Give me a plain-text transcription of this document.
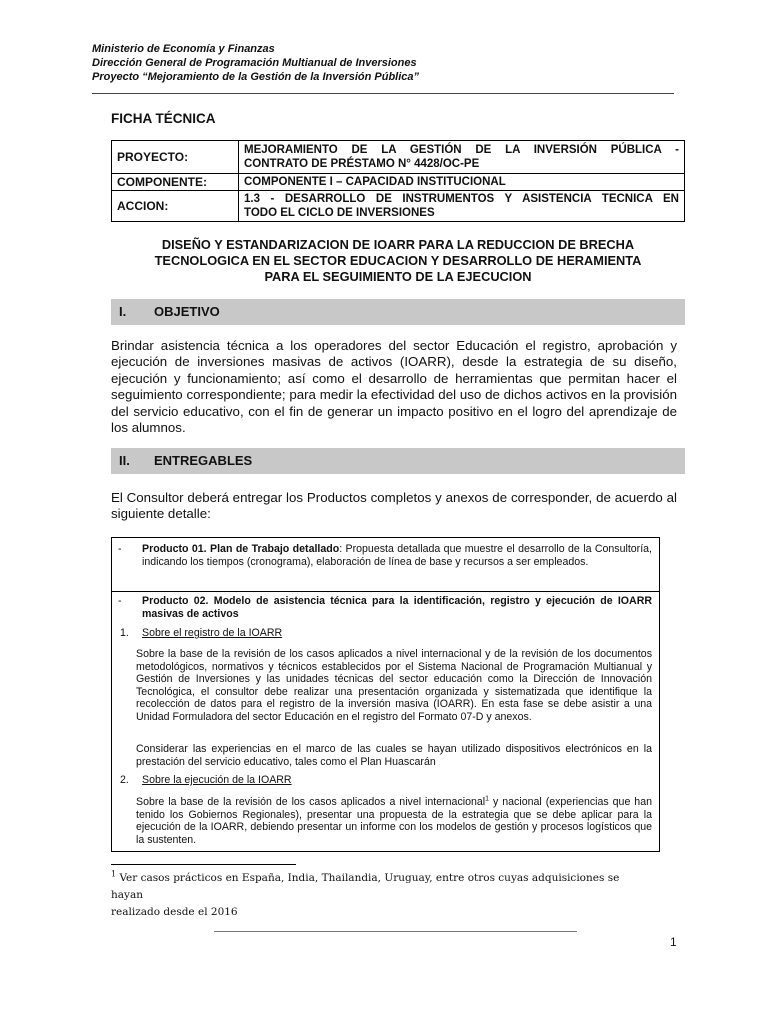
Ministerio de Economía y Finanzas
Dirección General de Programación Multianual de Inversiones
Proyecto “Mejoramiento de la Gestión de la Inversión Pública”
FICHA TÉCNICA
PROYECTO:	MEJORAMIENTO DE LA GESTIÓN DE LA INVERSIÓN PÚBLICA -
CONTRATO DE PRÉSTAMO N° 4428/OC-PE

COMPONENTE:	COMPONENTE I – CAPACIDAD INSTITUCIONAL
ACCION:	1.3 - DESARROLLO DE INSTRUMENTOS Y ASISTENCIA TECNICA EN
TODO EL CICLO DE INVERSIONES
DISEÑO Y ESTANDARIZACION DE IOARR PARA LA REDUCCION DE BRECHA
TECNOLOGICA EN EL SECTOR EDUCACION Y DESARROLLO DE HERAMIENTA
PARA EL SEGUIMIENTO DE LA EJECUCION
I. OBJETIVO
Brindar asistencia técnica a los operadores del sector Educación el registro, aprobación y ejecución de inversiones masivas de activos (IOARR), desde la estrategia de su diseño, ejecución y funcionamiento; así como el desarrollo de herramientas que permitan hacer el seguimiento correspondiente; para medir la efectividad del uso de dichos activos en la provisión del servicio educativo, con el fin de generar un impacto positivo en el logro del aprendizaje de los alumnos.
II. ENTREGABLES
El Consultor deberá entregar los Productos completos y anexos de corresponder, de acuerdo al siguiente detalle:
- Producto 01. Plan de Trabajo detallado: Propuesta detallada que muestre el desarrollo de la Consultoría, indicando los tiempos (cronograma), elaboración de línea de base y recursos a ser empleados.
- Producto 02. Modelo de asistencia técnica para la identificación, registro y ejecución de IOARR masivas de activos
1. Sobre el registro de la IOARR
Sobre la base de la revisión de los casos aplicados a nivel internacional y de la revisión de los documentos metodológicos, normativos y técnicos establecidos por el Sistema Nacional de Programación Multianual y Gestión de Inversiones y las unidades técnicas del sector educación como la Dirección de Innovación Tecnológica, el consultor debe realizar una presentación organizada y sistematizada que identifique la recolección de datos para el registro de la inversión masiva (IOARR). En esta fase se debe asistir a una Unidad Formuladora del sector Educación en el registro del Formato 07-D y anexos.
Considerar las experiencias en el marco de las cuales se hayan utilizado dispositivos electrónicos en la prestación del servicio educativo, tales como el Plan Huascarán
2. Sobre la ejecución de la IOARR
Sobre la base de la revisión de los casos aplicados a nivel internacional$^1$ y nacional (experiencias que han tenido los Gobiernos Regionales), presentar una propuesta de la estrategia que se debe aplicar para la ejecución de la IOARR, debiendo presentar un informe con los modelos de gestión y procesos logísticos que la sustenten.
$^1$ Ver casos prácticos en España, India, Thailandia, Uruguay, entre otros cuyas adquisiciones se hayan
realizado desde el 2016
1
